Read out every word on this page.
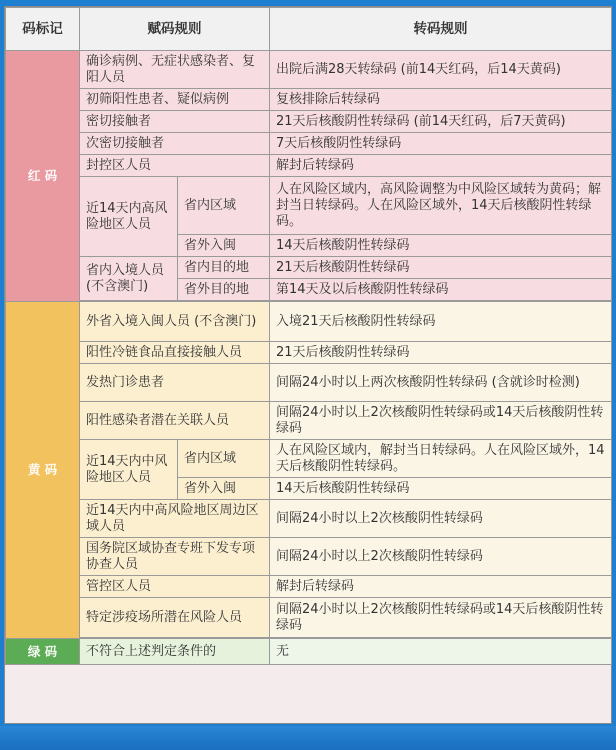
码标记	赋码规则		转码规则
红 码	确诊病例、无症状感染者、复阳人员		出院后满28天转绿码 (前14天红码，后14天黄码)
	初筛阳性患者、疑似病例		复核排除后转绿码
	密切接触者		21天后核酸阴性转绿码 (前14天红码，后7天黄码)
	次密切接触者		7天后核酸阴性转绿码
	封控区人员		解封后转绿码
	近14天内高风险地区人员	省内区域	人在风险区域内，高风险调整为中风险区域转为黄码；解封当日转绿码。人在风险区域外，14天后核酸阴性转绿码。
		省外入闽	14天后核酸阴性转绿码
	省内入境人员 (不含澳门)	省内目的地	21天后核酸阴性转绿码
		省外目的地	第14天及以后核酸阴性转绿码

黄 码	外省入境入闽人员 (不含澳门)		入境21天后核酸阴性转绿码
	阳性冷链食品直接接触人员		21天后核酸阴性转绿码
	发热门诊患者		间隔24小时以上两次核酸阴性转绿码 (含就诊时检测)
	阳性感染者潜在关联人员		间隔24小时以上2次核酸阴性转绿码或14天后核酸阴性转绿码
	近14天内中风险地区人员	省内区域	人在风险区域内，解封当日转绿码。人在风险区域外，14天后核酸阴性转绿码。
		省外入闽	14天后核酸阴性转绿码
	近14天内中高风险地区周边区域人员		间隔24小时以上2次核酸阴性转绿码
	国务院区域协查专班下发专项协查人员		间隔24小时以上2次核酸阴性转绿码
	管控区人员		解封后转绿码
	特定涉疫场所潜在风险人员		间隔24小时以上2次核酸阴性转绿码或14天后核酸阴性转绿码

绿 码	不符合上述判定条件的		无
